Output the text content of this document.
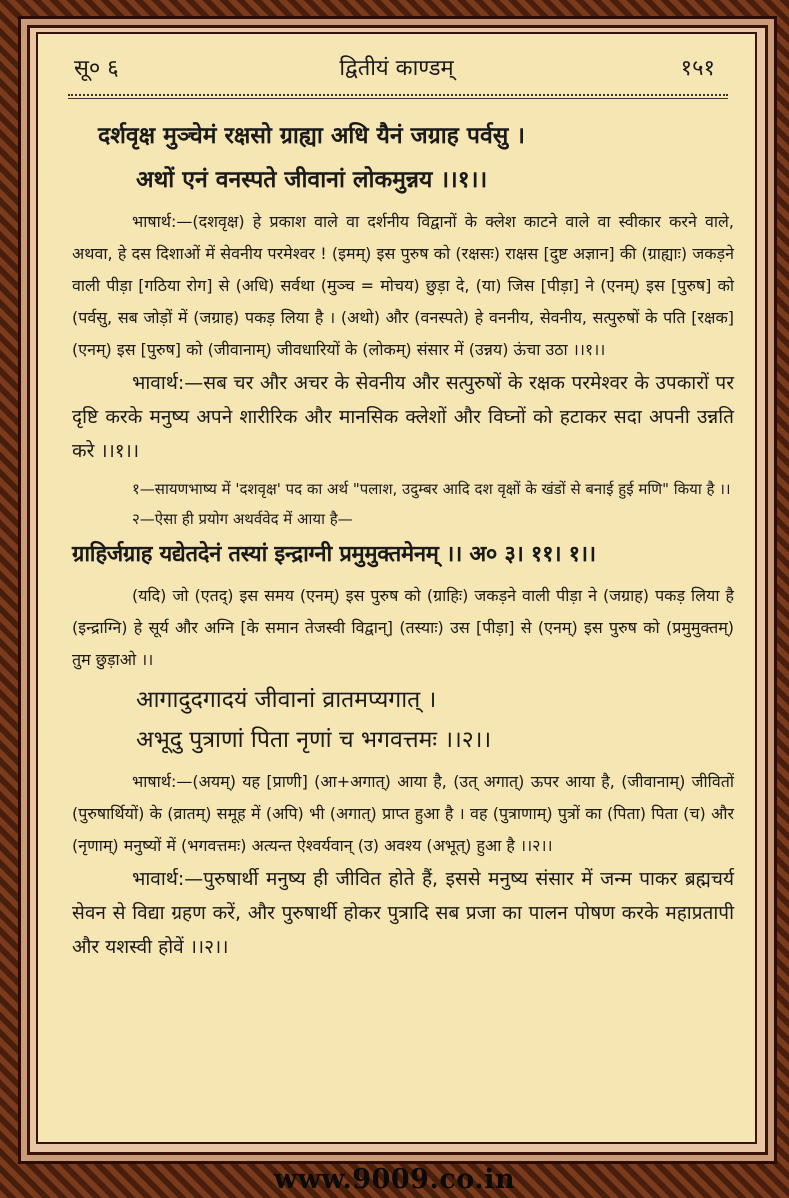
सू० ६	द्वितीयं काण्डम्	१५१

दर्शवृक्ष मुञ्चेमं रक्षसो ग्राह्या अधि यैनं जग्राह पर्वसु ।

अथों एनं वनस्पते जीवानां लोकमुन्नय ।।१।।

भाषार्थ:—(दशवृक्ष) हे प्रकाश वाले वा दर्शनीय विद्वानों के क्लेश काटने वाले वा स्वीकार करने वाले, अथवा, हे दस दिशाओं में सेवनीय परमेश्वर ! (इमम्) इस पुरुष को (रक्षसः) राक्षस [दुष्ट अज्ञान] की (ग्राह्याः) जकड़ने वाली पीड़ा [गठिया रोग] से (अधि) सर्वथा (मुञ्च = मोचय) छुड़ा दे, (या) जिस [पीड़ा] ने (एनम्) इस [पुरुष] को (पर्वसु, सब जोड़ों में (जग्राह) पकड़ लिया है । (अथो) और (वनस्पते) हे वननीय, सेवनीय, सत्पुरुषों के पति [रक्षक] (एनम्) इस [पुरुष] को (जीवानाम्) जीवधारियों के (लोकम्) संसार में (उन्नय) ऊंचा उठा ।।१।।

भावार्थ:—सब चर और अचर के सेवनीय और सत्पुरुषों के रक्षक परमेश्वर के उपकारों पर दृष्टि करके मनुष्य अपने शारीरिक और मानसिक क्लेशों और विघ्नों को हटाकर सदा अपनी उन्नति करे ।।१।।

१—सायणभाष्य में 'दशवृक्ष' पद का अर्थ "पलाश, उदुम्बर आदि दश वृक्षों के खंडों से बनाई हुई मणि" किया है ।।

२—ऐसा ही प्रयोग अथर्ववेद में आया है—

ग्राहिर्जग्राह यद्येतदेनं तस्यां इन्द्राग्नी प्रमुमुक्तमेनम् ।। अ० ३। ११। १।।

(यदि) जो (एतद्) इस समय (एनम्) इस पुरुष को (ग्राहिः) जकड़ने वाली पीड़ा ने (जग्राह) पकड़ लिया है (इन्द्राग्नि) हे सूर्य और अग्नि [के समान तेजस्वी विद्वान्] (तस्याः) उस [पीड़ा] से (एनम्) इस पुरुष को (प्रमुमुक्तम्) तुम छुड़ाओ ।।

आगादुदगादयं जीवानां व्रातमप्यगात् ।

अभूदु पुत्राणां पिता नृणां च भगवत्तमः ।।२।।

भाषार्थ:—(अयम्) यह [प्राणी] (आ+अगात्) आया है, (उत् अगात्) ऊपर आया है, (जीवानाम्) जीवितों (पुरुषार्थियों) के (व्रातम्) समूह में (अपि) भी (अगात्) प्राप्त हुआ है । वह (पुत्राणाम्) पुत्रों का (पिता) पिता (च) और (नृणाम्) मनुष्यों में (भगवत्तमः) अत्यन्त ऐश्वर्यवान् (उ) अवश्य (अभूत्) हुआ है ।।२।।

भावार्थ:—पुरुषार्थी मनुष्य ही जीवित होते हैं, इससे मनुष्य संसार में जन्म पाकर ब्रह्मचर्य सेवन से विद्या ग्रहण करें, और पुरुषार्थी होकर पुत्रादि सब प्रजा का पालन पोषण करके महाप्रतापी और यशस्वी होवें ।।२।।

www.9009.co.in
